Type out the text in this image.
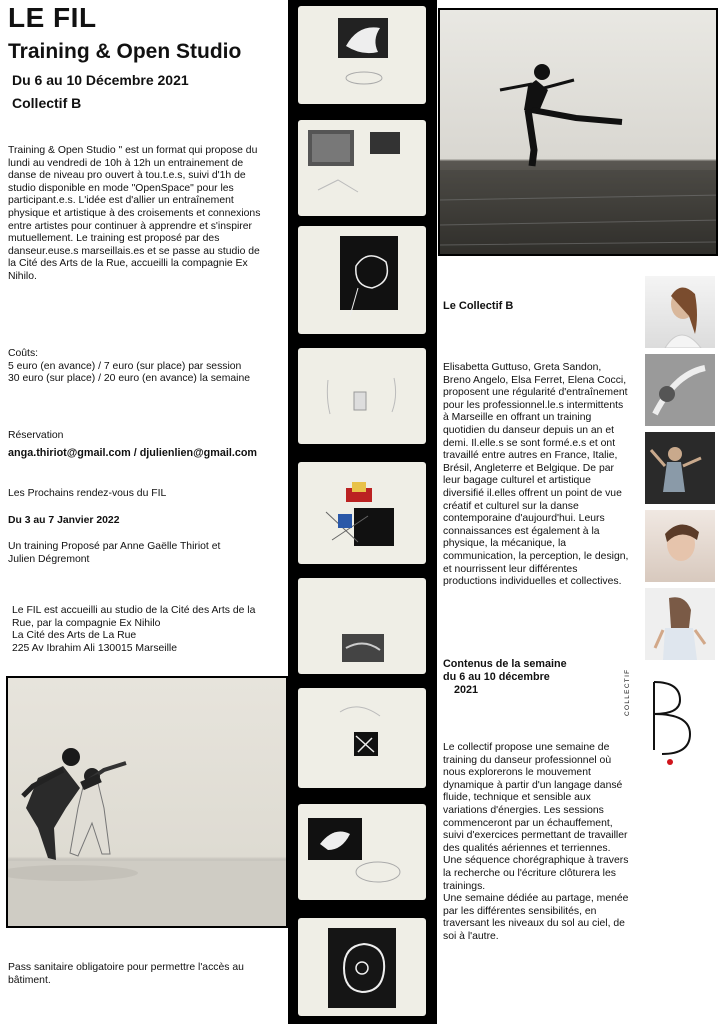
LE FIL
Training & Open Studio
Du 6 au 10 Décembre 2021
Collectif B
Training & Open Studio " est un format qui propose du
lundi au vendredi de 10h à 12h un entrainement de
danse de niveau pro ouvert à tou.t.e.s, suivi d'1h de
studio disponible en mode "OpenSpace" pour les
participant.e.s. L'idée est d'allier un entraînement
physique et artistique à des croisements et connexions
entre artistes pour continuer à apprendre et s'inspirer
mutuellement. Le training est proposé par des
danseur.euse.s marseillais.es et se passe au studio de
la Cité des Arts de la Rue, accueilli la compagnie Ex
Nihilo.
Coûts:
5 euro (en avance) / 7 euro (sur place) par session
30 euro (sur place) / 20 euro (en avance) la semaine
Réservation
anga.thiriot@gmail.com / djulienlien@gmail.com
Les Prochains rendez-vous du FIL
Du 3 au 7 Janvier 2022
Un training Proposé par Anne Gaëlle Thiriot et
Julien Dégremont
Le FIL est accueilli au studio de la Cité des Arts de la
Rue, par la compagnie Ex Nihilo
La Cité des Arts de La Rue
225 Av Ibrahim Ali 130015 Marseille
Pass sanitaire obligatoire pour permettre l'accès au
bâtiment.
Le Collectif B
Elisabetta Guttuso, Greta Sandon,
Breno Angelo, Elsa Ferret, Elena Cocci,
proposent une régularité d'entraînement
pour les professionnel.le.s intermittents
à Marseille en offrant un training
quotidien du danseur depuis un an et
demi. Il.elle.s se sont formé.e.s et ont
travaillé entre autres en France, Italie,
Brésil, Angleterre et Belgique. De par
leur bagage culturel et artistique
diversifié il.elles offrent un point de vue
créatif et culturel sur la danse
contemporaine d'aujourd'hui. Leurs
connaissances est également à la
physique, la mécanique, la
communication, la perception, le design,
et nourrissent leur différentes
productions individuelles et collectives.
Contenus de la semaine
du 6 au 10 décembre
2021	COLLECTIF
Le collectif propose une semaine de
training du danseur professionnel où
nous explorerons le mouvement
dynamique à partir d'un langage dansé
fluide, technique et sensible aux
variations d'énergies. Les sessions
commenceront par un échauffement,
suivi d'exercices permettant de travailler
des qualités aériennes et terriennes.
Une séquence chorégraphique à travers
la recherche ou l'écriture clôturera les
trainings.
Une semaine dédiée au partage, menée
par les différentes sensibilités, en
traversant les niveaux du sol au ciel, de
soi à l'autre.
